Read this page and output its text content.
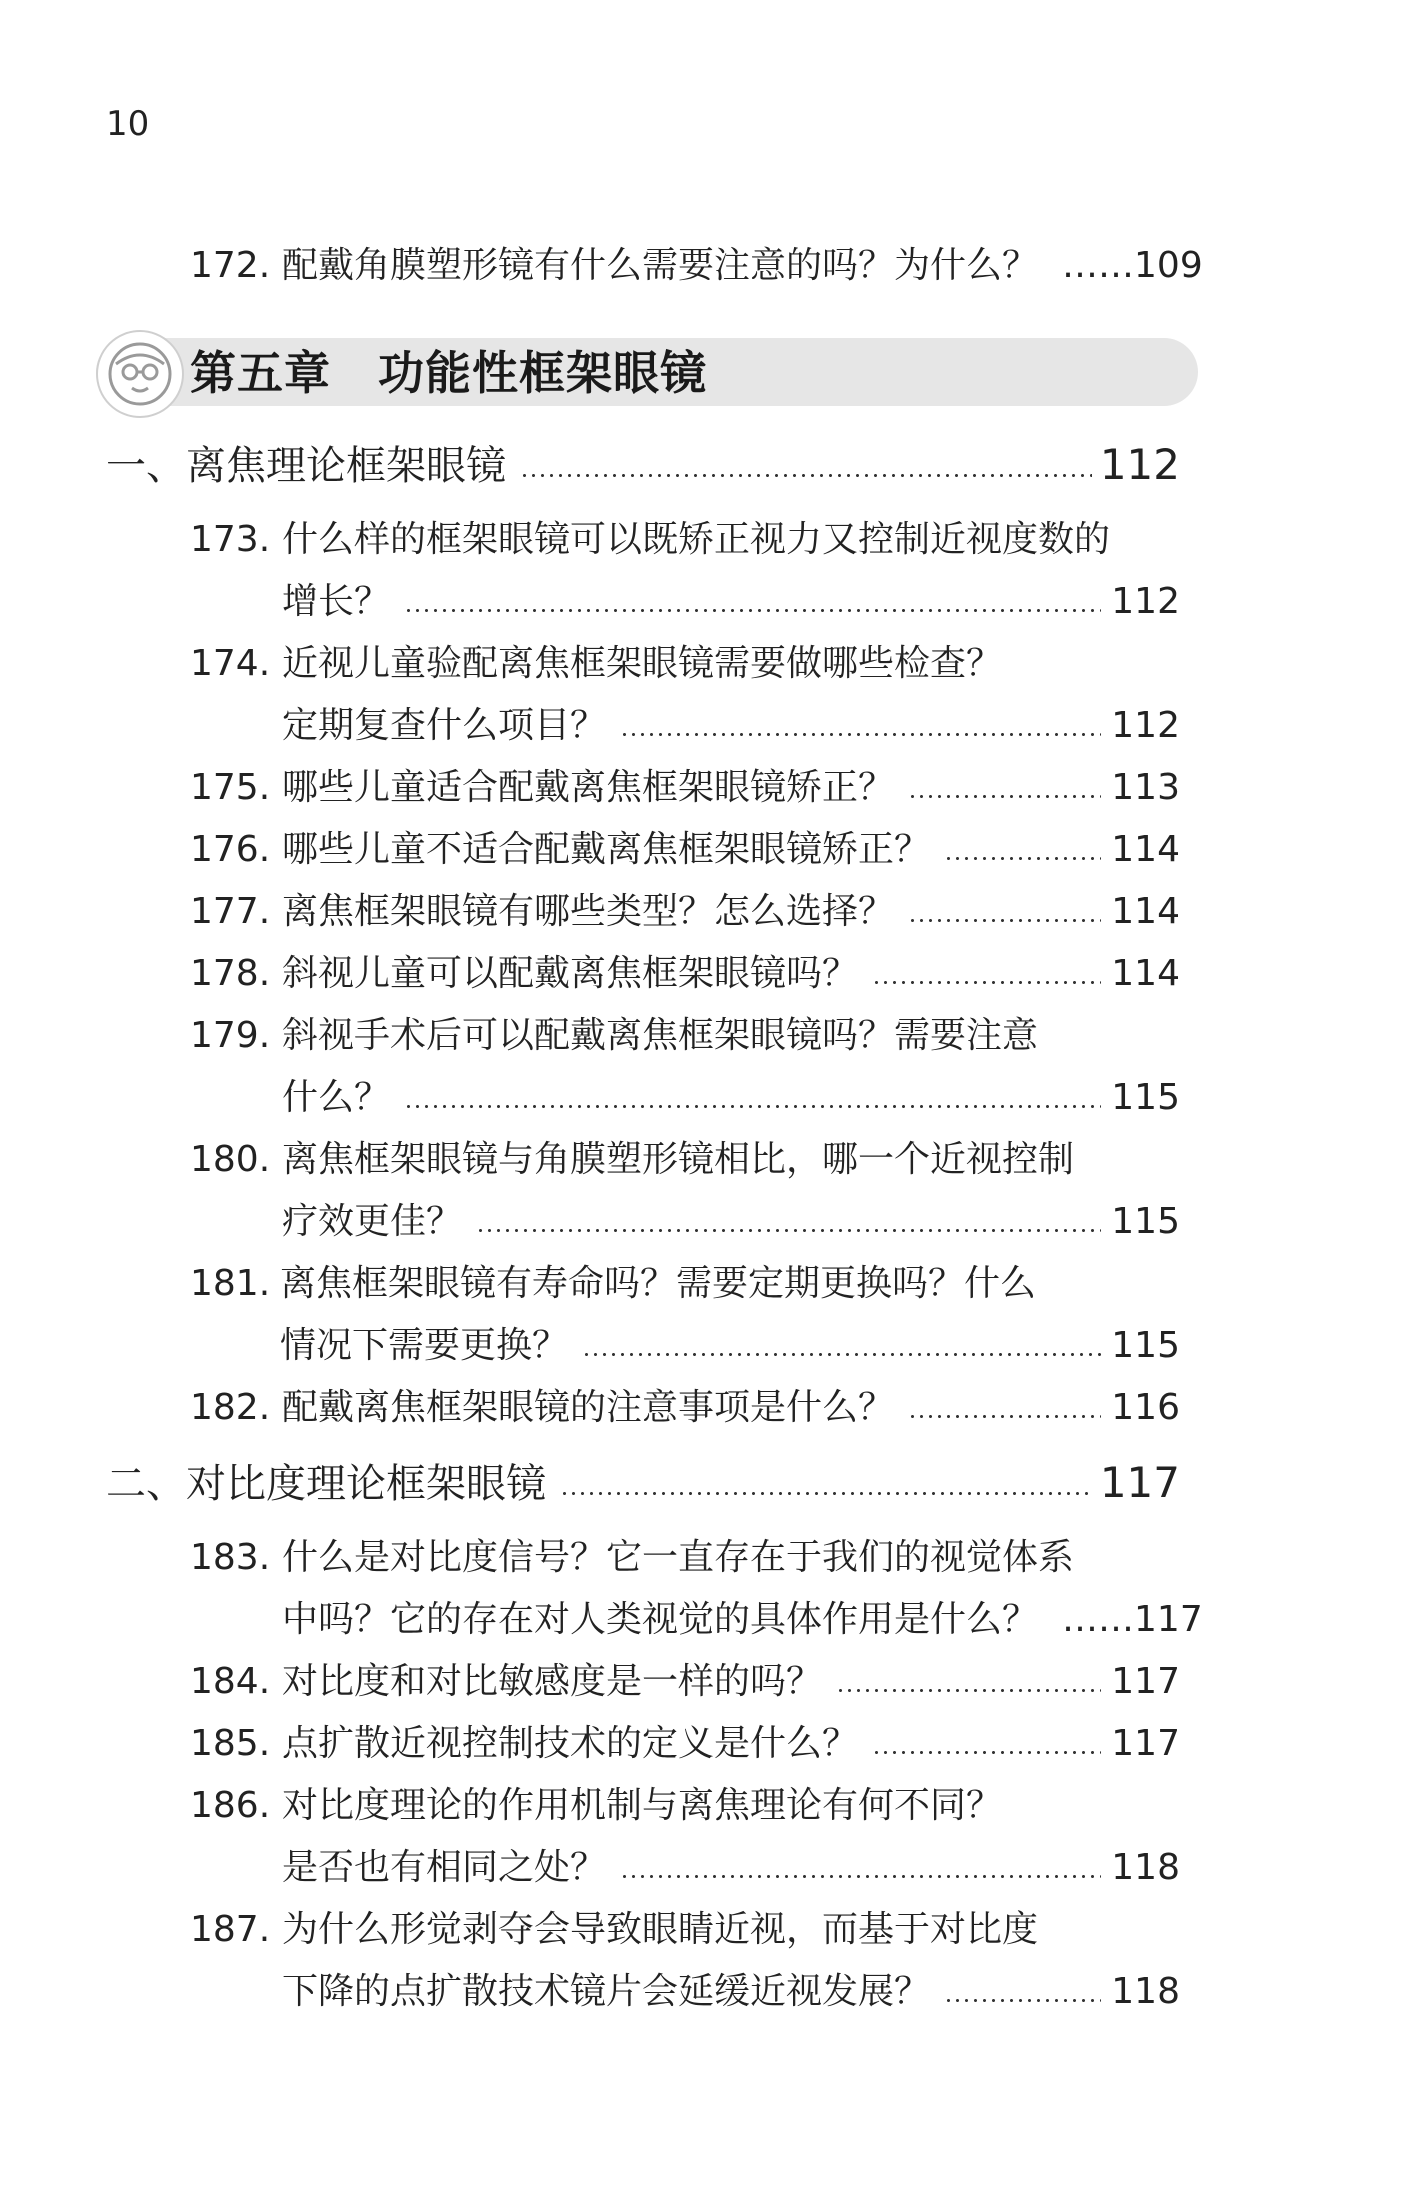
10
172. 配戴角膜塑形镜有什么需要注意的吗？为什么？ ……109
第五章　功能性框架眼镜
一、离焦理论框架眼镜	112
173. 什么样的框架眼镜可以既矫正视力又控制近视度数的
增长？	112
174. 近视儿童验配离焦框架眼镜需要做哪些检查？
定期复查什么项目？	112
175. 哪些儿童适合配戴离焦框架眼镜矫正？	113
176. 哪些儿童不适合配戴离焦框架眼镜矫正？	114
177. 离焦框架眼镜有哪些类型？怎么选择？	114
178. 斜视儿童可以配戴离焦框架眼镜吗？	114
179. 斜视手术后可以配戴离焦框架眼镜吗？需要注意
什么？	115
180. 离焦框架眼镜与角膜塑形镜相比，哪一个近视控制
疗效更佳？	115
181. 离焦框架眼镜有寿命吗？需要定期更换吗？什么
情况下需要更换？	115
182. 配戴离焦框架眼镜的注意事项是什么？	116
二、对比度理论框架眼镜	117
183. 什么是对比度信号？它一直存在于我们的视觉体系
中吗？它的存在对人类视觉的具体作用是什么？ ……117
184. 对比度和对比敏感度是一样的吗？	117
185. 点扩散近视控制技术的定义是什么？	117
186. 对比度理论的作用机制与离焦理论有何不同？
是否也有相同之处？	118
187. 为什么形觉剥夺会导致眼睛近视，而基于对比度
下降的点扩散技术镜片会延缓近视发展？	118
